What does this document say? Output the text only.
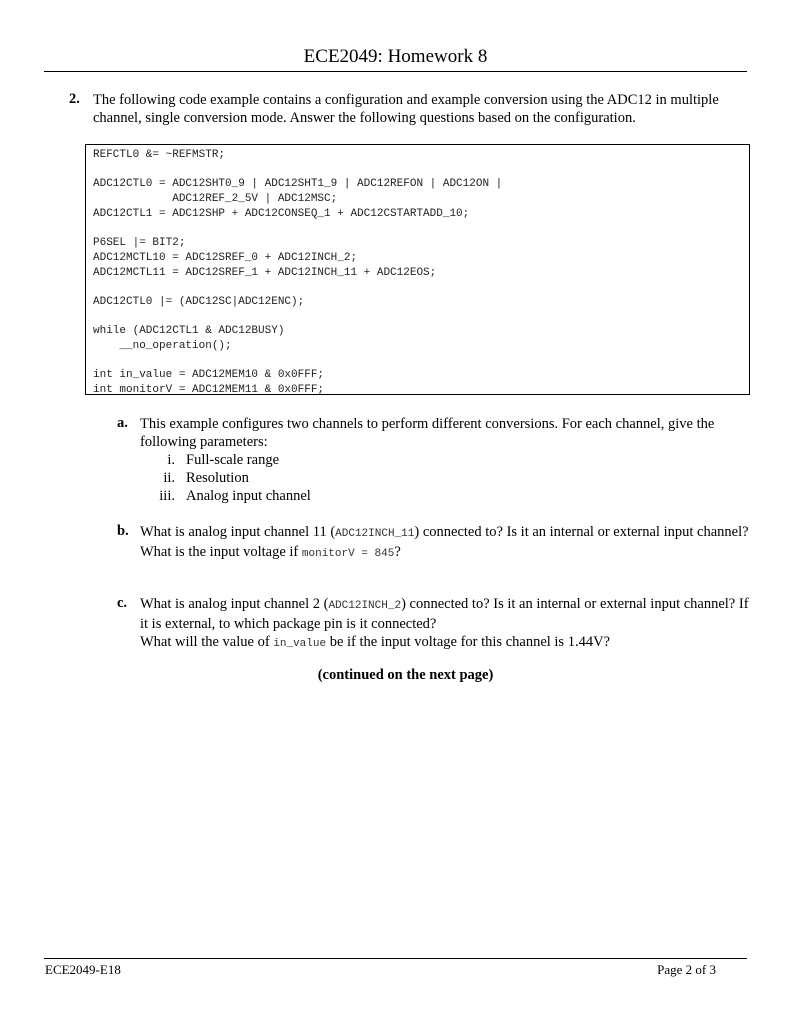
ECE2049: Homework 8
2. The following code example contains a configuration and example conversion using the ADC12 in multiple channel, single conversion mode. Answer the following questions based on the configuration.
REFCTL0 &= ~REFMSTR;
ADC12CTL0 = ADC12SHT0_9 | ADC12SHT1_9 | ADC12REFON | ADC12ON |
ADC12REF_2_5V | ADC12MSC;
ADC12CTL1 = ADC12SHP + ADC12CONSEQ_1 + ADC12CSTARTADD_10;
P6SEL |= BIT2;
ADC12MCTL10 = ADC12SREF_0 + ADC12INCH_2;
ADC12MCTL11 = ADC12SREF_1 + ADC12INCH_11 + ADC12EOS;
ADC12CTL0 |= (ADC12SC|ADC12ENC);
while (ADC12CTL1 & ADC12BUSY)
__no_operation();
int in_value = ADC12MEM10 & 0x0FFF;
int monitorV = ADC12MEM11 & 0x0FFF;
a. This example configures two channels to perform different conversions. For each channel, give the following parameters:
i. Full-scale range
ii. Resolution
iii. Analog input channel
b. What is analog input channel 11 (ADC12INCH_11) connected to? Is it an internal or external input channel?
What is the input voltage if monitorV = 845?
c. What is analog input channel 2 (ADC12INCH_2) connected to? Is it an internal or external input channel? If it is external, to which package pin is it connected?
What will the value of in_value be if the input voltage for this channel is 1.44V?
(continued on the next page)
ECE2049-E18	Page 2 of 3
